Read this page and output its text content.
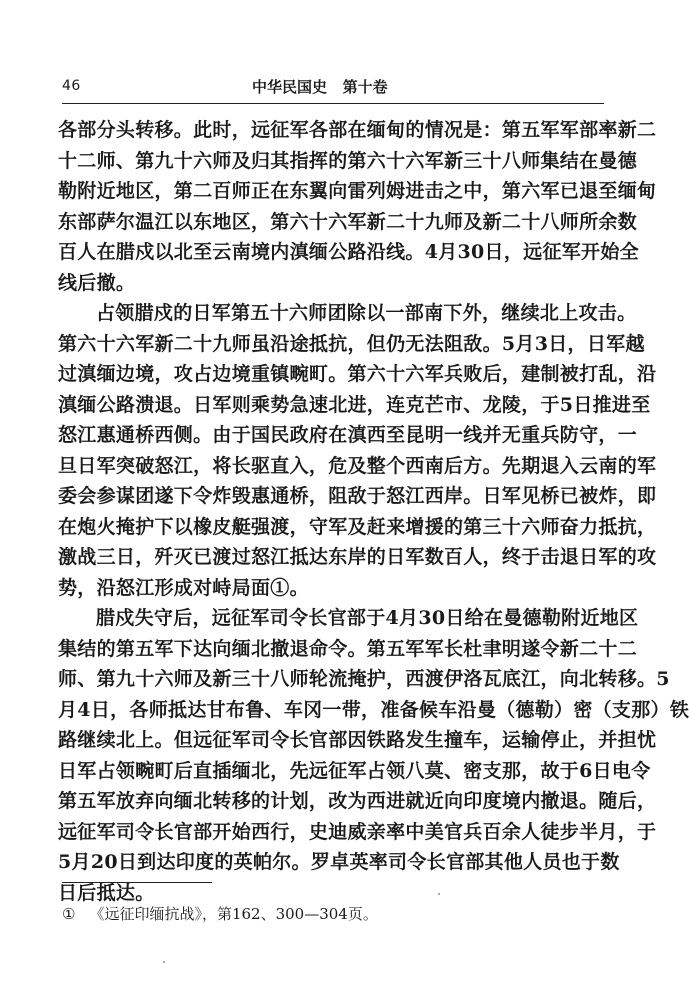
46	中华民国史   第十卷
各部分头转移。此时，远征军各部在缅甸的情况是：第五军军部率新二
十二师、第九十六师及归其指挥的第六十六军新三十八师集结在曼德
勒附近地区，第二百师正在东翼向雷列姆进击之中，第六军已退至缅甸
东部萨尔温江以东地区，第六十六军新二十九师及新二十八师所余数
百人在腊戍以北至云南境内滇缅公路沿线。4月30日，远征军开始全
线后撤。
占领腊戍的日军第五十六师团除以一部南下外，继续北上攻击。
第六十六军新二十九师虽沿途抵抗，但仍无法阻敌。5月3日，日军越
过滇缅边境，攻占边境重镇畹町。第六十六军兵败后，建制被打乱，沿
滇缅公路溃退。日军则乘势急速北进，连克芒市、龙陵，于5日推进至
怒江惠通桥西侧。由于国民政府在滇西至昆明一线并无重兵防守，一
旦日军突破怒江，将长驱直入，危及整个西南后方。先期退入云南的军
委会参谋团遂下令炸毁惠通桥，阻敌于怒江西岸。日军见桥已被炸，即
在炮火掩护下以橡皮艇强渡，守军及赶来增援的第三十六师奋力抵抗，
激战三日，歼灭已渡过怒江抵达东岸的日军数百人，终于击退日军的攻
势，沿怒江形成对峙局面①。
腊戍失守后，远征军司令长官部于4月30日给在曼德勒附近地区
集结的第五军下达向缅北撤退命令。第五军军长杜聿明遂令新二十二
师、第九十六师及新三十八师轮流掩护，西渡伊洛瓦底江，向北转移。5
月4日，各师抵达甘布鲁、车冈一带，准备候车沿曼（德勒）密（支那）铁
路继续北上。但远征军司令长官部因铁路发生撞车，运输停止，并担忧
日军占领畹町后直插缅北，先远征军占领八莫、密支那，故于6日电令
第五军放弃向缅北转移的计划，改为西进就近向印度境内撤退。随后，
远征军司令长官部开始西行，史迪威亲率中美官兵百余人徒步半月，于
5月20日到达印度的英帕尔。罗卓英率司令长官部其他人员也于数
日后抵达。
① 《远征印缅抗战》，第162、300—304页。
